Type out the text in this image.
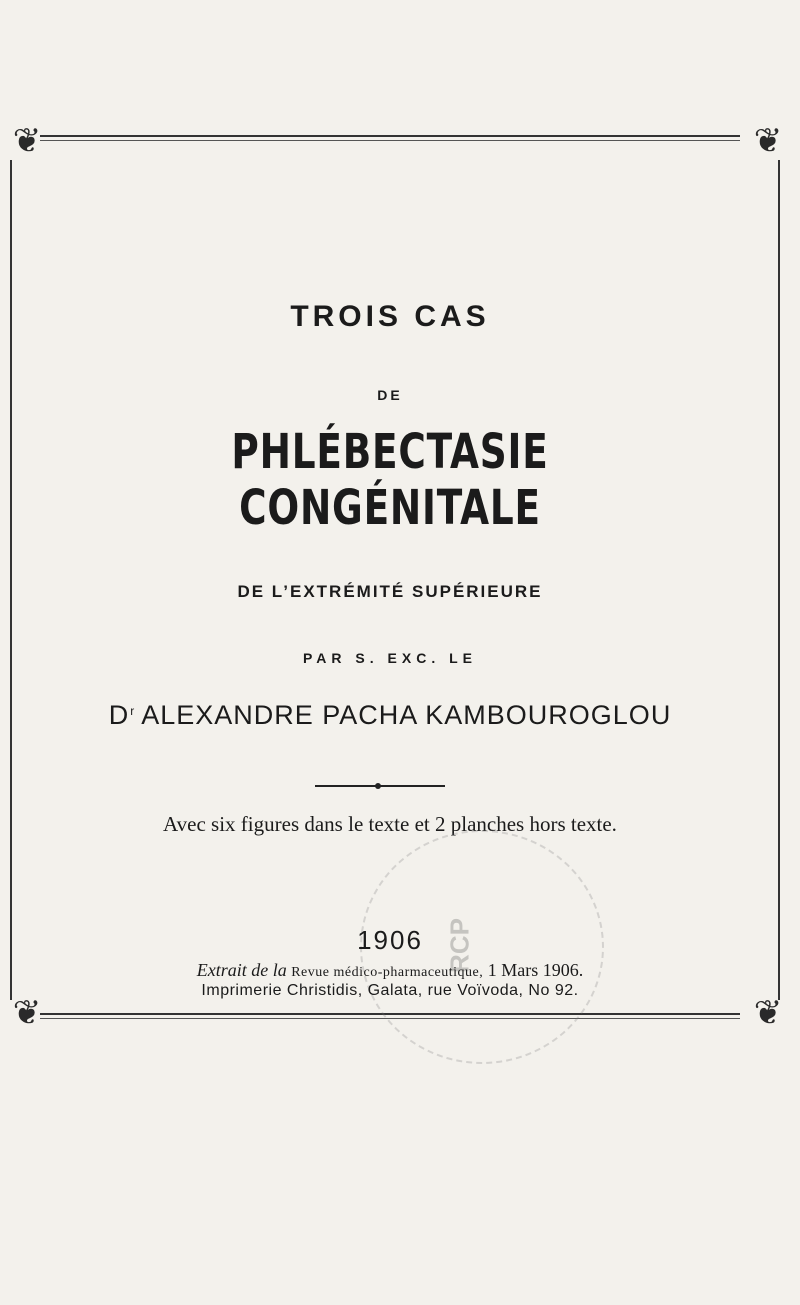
❦	❦
❦	❦
TROIS CAS
DE
PHLÉBECTASIE CONGÉNITALE
DE L’EXTRÉMITÉ SUPÉRIEURE
PAR S. EXC. LE
$D^r$ ALEXANDRE PACHA KAMBOUROGLOU
Avec six figures dans le texte et 2 planches hors texte.
RCP
1906
Extrait de la Revue médico-pharmaceutique, 1 Mars 1906.
Imprimerie Christidis, Galata, rue Voïvoda, No 92.
